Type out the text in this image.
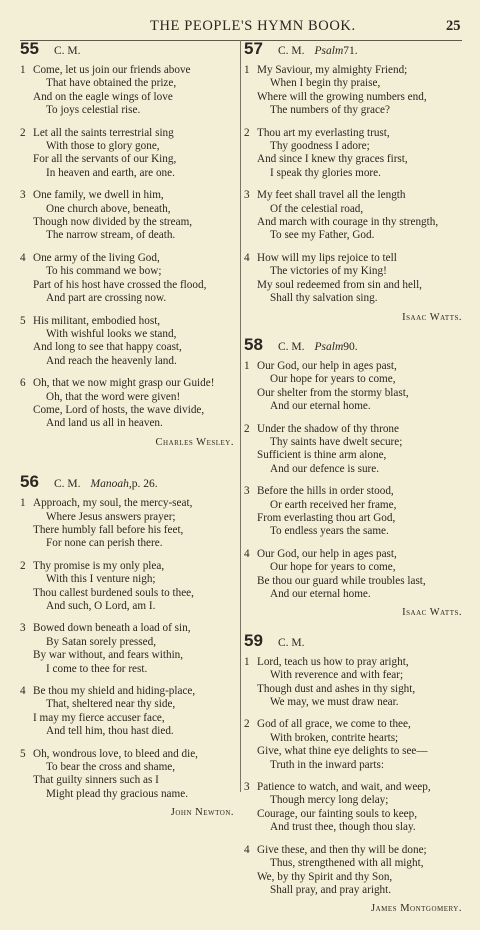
THE PEOPLE'S HYMN BOOK.	25
55	C. M.
1 Come, let us join our friends above
That have obtained the prize,
And on the eagle wings of love
To joys celestial rise.
2 Let all the saints terrestrial sing
With those to glory gone,
For all the servants of our King,
In heaven and earth, are one.
3 One family, we dwell in him,
One church above, beneath,
Though now divided by the stream,
The narrow stream, of death.
4 One army of the living God,
To his command we bow;
Part of his host have crossed the flood,
And part are crossing now.
5 His militant, embodied host,
With wishful looks we stand,
And long to see that happy coast,
And reach the heavenly land.
6 Oh, that we now might grasp our Guide!
Oh, that the word were given!
Come, Lord of hosts, the wave divide,
And land us all in heaven.
Charles Wesley.
56	C. M. Manoah, p. 26.
1 Approach, my soul, the mercy-seat,
Where Jesus answers prayer;
There humbly fall before his feet,
For none can perish there.
2 Thy promise is my only plea,
With this I venture nigh;
Thou callest burdened souls to thee,
And such, O Lord, am I.
3 Bowed down beneath a load of sin,
By Satan sorely pressed,
By war without, and fears within,
I come to thee for rest.
4 Be thou my shield and hiding-place,
That, sheltered near thy side,
I may my fierce accuser face,
And tell him, thou hast died.
5 Oh, wondrous love, to bleed and die,
To bear the cross and shame,
That guilty sinners such as I
Might plead thy gracious name.
John Newton.
57	C. M. Psalm 71.
1 My Saviour, my almighty Friend;
When I begin thy praise,
Where will the growing numbers end,
The numbers of thy grace?
2 Thou art my everlasting trust,
Thy goodness I adore;
And since I knew thy graces first,
I speak thy glories more.
3 My feet shall travel all the length
Of the celestial road,
And march with courage in thy strength,
To see my Father, God.
4 How will my lips rejoice to tell
The victories of my King!
My soul redeemed from sin and hell,
Shall thy salvation sing.
Isaac Watts.
58	C. M. Psalm 90.
1 Our God, our help in ages past,
Our hope for years to come,
Our shelter from the stormy blast,
And our eternal home.
2 Under the shadow of thy throne
Thy saints have dwelt secure;
Sufficient is thine arm alone,
And our defence is sure.
3 Before the hills in order stood,
Or earth received her frame,
From everlasting thou art God,
To endless years the same.
4 Our God, our help in ages past,
Our hope for years to come,
Be thou our guard while troubles last,
And our eternal home.
Isaac Watts.
59	C. M.
1 Lord, teach us how to pray aright,
With reverence and with fear;
Though dust and ashes in thy sight,
We may, we must draw near.
2 God of all grace, we come to thee,
With broken, contrite hearts;
Give, what thine eye delights to see—
Truth in the inward parts:
3 Patience to watch, and wait, and weep,
Though mercy long delay;
Courage, our fainting souls to keep,
And trust thee, though thou slay.
4 Give these, and then thy will be done;
Thus, strengthened with all might,
We, by thy Spirit and thy Son,
Shall pray, and pray aright.
James Montgomery.
